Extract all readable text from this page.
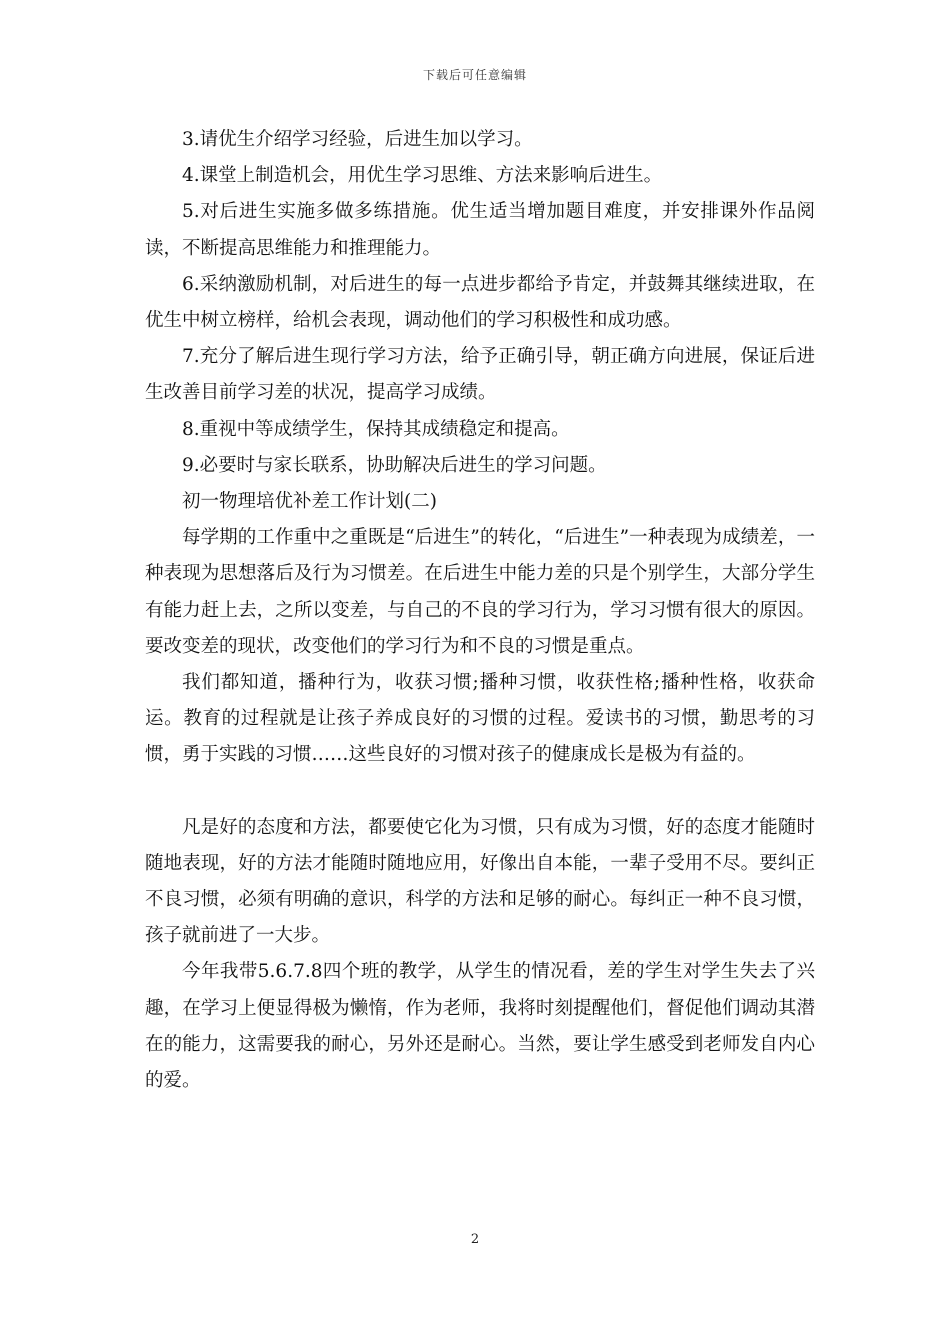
下载后可任意编辑

3.请优生介绍学习经验，后进生加以学习。

4.课堂上制造机会，用优生学习思维、方法来影响后进生。

5.对后进生实施多做多练措施。优生适当增加题目难度，并安排课外作品阅读，不断提高思维能力和推理能力。

6.采纳激励机制，对后进生的每一点进步都给予肯定，并鼓舞其继续进取，在优生中树立榜样，给机会表现，调动他们的学习积极性和成功感。

7.充分了解后进生现行学习方法，给予正确引导，朝正确方向进展，保证后进生改善目前学习差的状况，提高学习成绩。

8.重视中等成绩学生，保持其成绩稳定和提高。

9.必要时与家长联系，协助解决后进生的学习问题。

初一物理培优补差工作计划(二)

每学期的工作重中之重既是“后进生”的转化，“后进生”一种表现为成绩差，一种表现为思想落后及行为习惯差。在后进生中能力差的只是个别学生，大部分学生有能力赶上去，之所以变差，与自己的不良的学习行为，学习习惯有很大的原因。要改变差的现状，改变他们的学习行为和不良的习惯是重点。

我们都知道，播种行为，收获习惯;播种习惯，收获性格;播种性格，收获命运。教育的过程就是让孩子养成良好的习惯的过程。爱读书的习惯，勤思考的习惯，勇于实践的习惯……这些良好的习惯对孩子的健康成长是极为有益的。

凡是好的态度和方法，都要使它化为习惯，只有成为习惯，好的态度才能随时随地表现，好的方法才能随时随地应用，好像出自本能，一辈子受用不尽。要纠正不良习惯，必须有明确的意识，科学的方法和足够的耐心。每纠正一种不良习惯，孩子就前进了一大步。

今年我带5.6.7.8四个班的教学，从学生的情况看，差的学生对学生失去了兴趣，在学习上便显得极为懒惰，作为老师，我将时刻提醒他们，督促他们调动其潜在的能力，这需要我的耐心，另外还是耐心。当然，要让学生感受到老师发自内心的爱。

2
